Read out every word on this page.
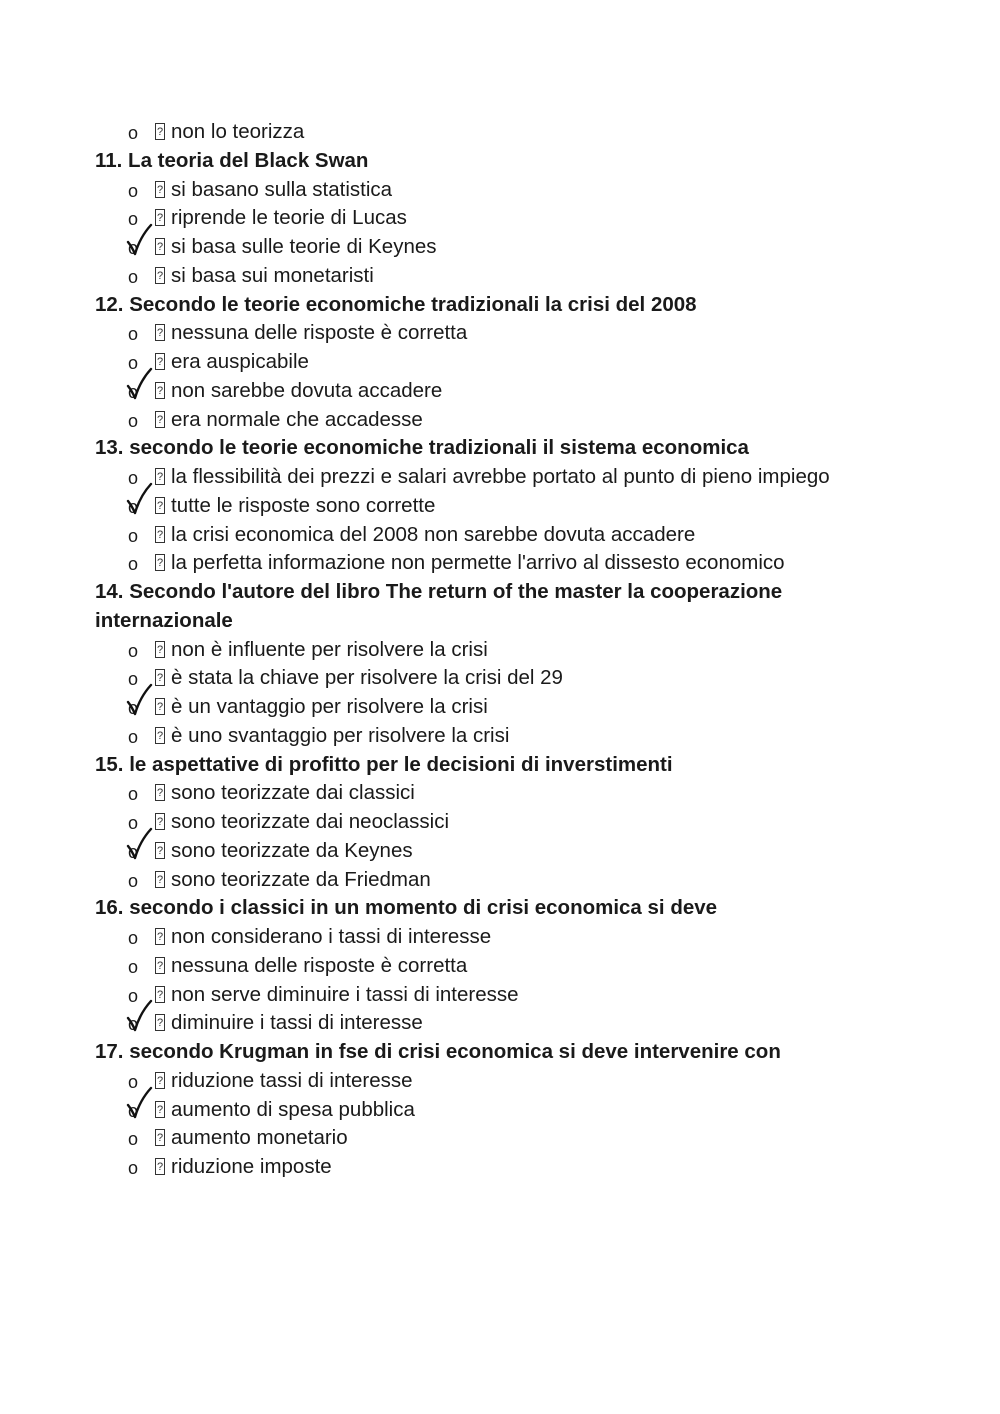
o ? non lo teorizza

11. La teoria del Black Swan

o ? si basano sulla statistica
o ? riprende le teorie di Lucas
o ? si basa sulle teorie di Keynes
o ? si basa sui monetaristi

12. Secondo le teorie economiche tradizionali la crisi del 2008

o ? nessuna delle risposte è corretta
o ? era auspicabile
o ? non sarebbe dovuta accadere
o ? era normale che accadesse

13. secondo le teorie economiche tradizionali il sistema economica

o ? la flessibilità dei prezzi e salari avrebbe portato al punto di pieno impiego
o ? tutte le risposte sono corrette
o ? la crisi economica del 2008 non sarebbe dovuta accadere
o ? la perfetta informazione non permette l'arrivo al dissesto economico

14. Secondo l'autore del libro The return of the master la cooperazione internazionale

o ? non è influente per risolvere la crisi
o ? è stata la chiave per risolvere la crisi del 29
o ? è un vantaggio per risolvere la crisi
o ? è uno svantaggio per risolvere la crisi

15. le aspettative di profitto per le decisioni di inverstimenti

o ? sono teorizzate dai classici
o ? sono teorizzate dai neoclassici
o ? sono teorizzate da Keynes
o ? sono teorizzate da Friedman

16. secondo i classici in un momento di crisi economica si deve

o ? non considerano i tassi di interesse
o ? nessuna delle risposte è corretta
o ? non serve diminuire i tassi di interesse
o ? diminuire i tassi di interesse

17. secondo Krugman in fse di crisi economica si deve intervenire con

o ? riduzione tassi di interesse
o ? aumento di spesa pubblica
o ? aumento monetario
o ? riduzione imposte
